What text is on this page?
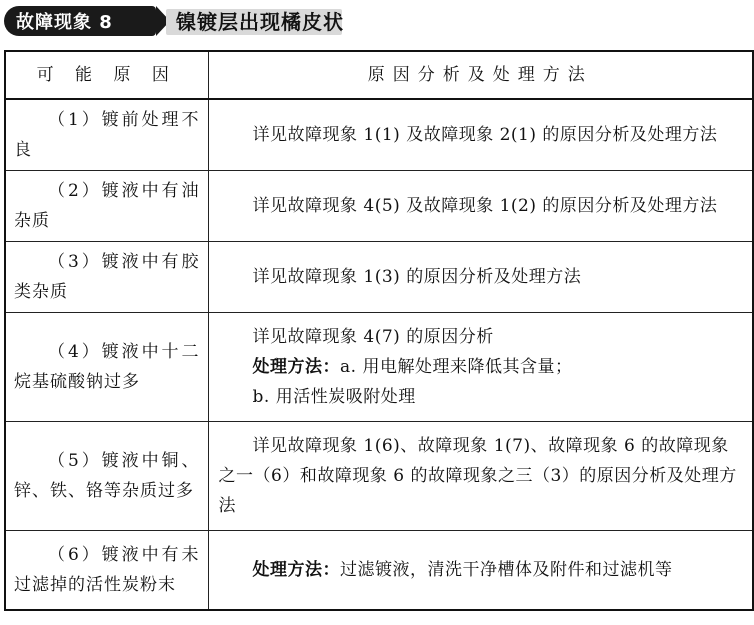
故障现象 8	镍镀层出现橘皮状
可 能 原 因	原因分析及处理方法

（1）镀前处理不良	详见故障现象 1(1) 及故障现象 2(1) 的原因分析及处理方法

（2）镀液中有油杂质	详见故障现象 4(5) 及故障现象 1(2) 的原因分析及处理方法

（3）镀液中有胶类杂质	详见故障现象 1(3) 的原因分析及处理方法

（4）镀液中十二烷基硫酸钠过多	详见故障现象 4(7) 的原因分析
处理方法：a. 用电解处理来降低其含量；
b. 用活性炭吸附处理

（5）镀液中铜、锌、铁、铬等杂质过多	详见故障现象 1(6)、故障现象 1(7)、故障现象 6 的故障现象之一（6）和故障现象 6 的故障现象之三（3）的原因分析及处理方法

（6）镀液中有未过滤掉的活性炭粉末	处理方法：过滤镀液，清洗干净槽体及附件和过滤机等
